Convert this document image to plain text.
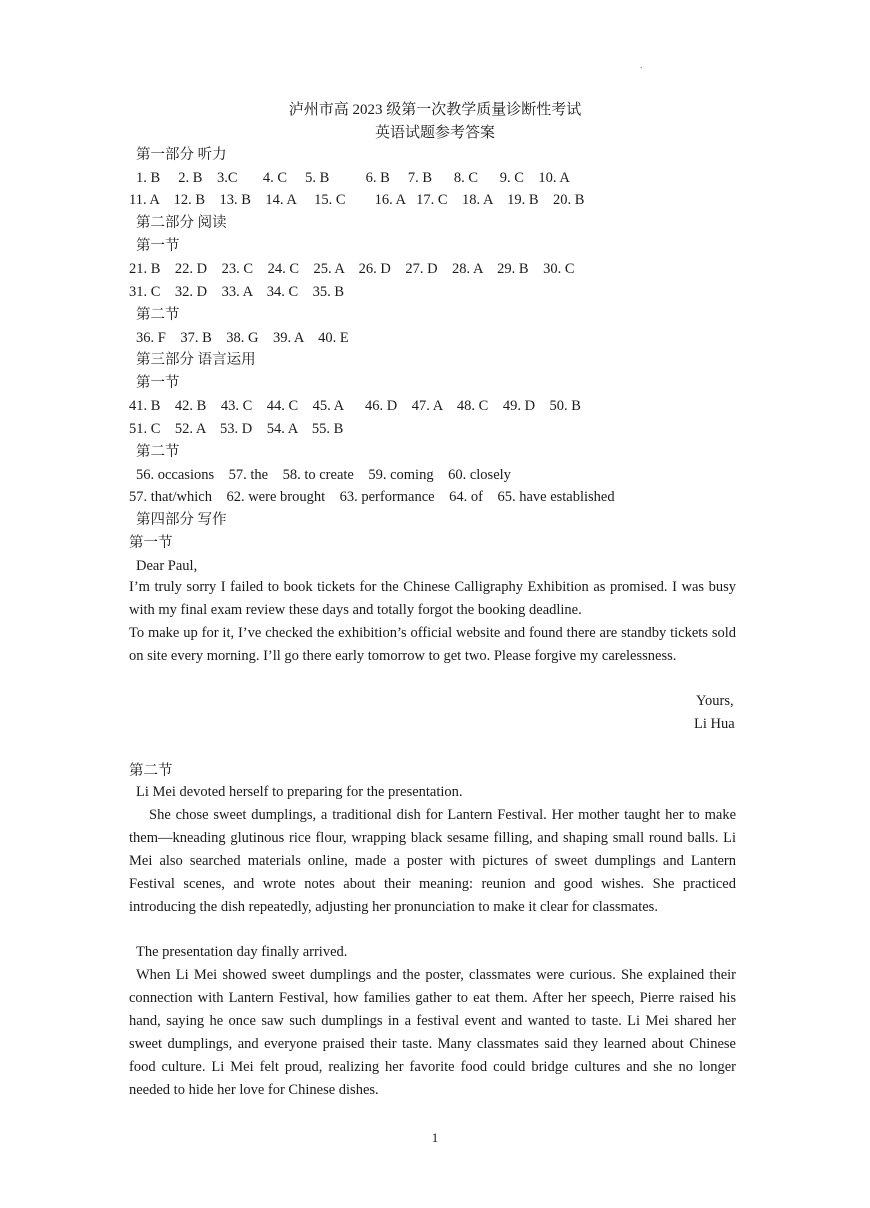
.
泸州市高 2023 级第一次教学质量诊断性考试
英语试题参考答案
第一部分 听力
1. B     2. B    3.C       4. C     5. B          6. B     7. B      8. C      9. C    10. A
11. A    12. B    13. B    14. A     15. C        16. A   17. C    18. A    19. B    20. B
第二部分 阅读
第一节
21. B    22. D    23. C    24. C    25. A    26. D    27. D    28. A    29. B    30. C
31. C    32. D    33. A    34. C    35. B
第二节
36. F    37. B    38. G    39. A    40. E
第三部分 语言运用
第一节
41. B    42. B    43. C    44. C    45. A      46. D    47. A    48. C    49. D    50. B
51. C    52. A    53. D    54. A    55. B
第二节
56. occasions    57. the    58. to create    59. coming    60. closely
57. that/which    62. were brought    63. performance    64. of    65. have established
第四部分 写作
第一节
Dear Paul,
I’m truly sorry I failed to book tickets for the Chinese Calligraphy Exhibition as promised. I was busy with my final exam review these days and totally forgot the booking deadline.
To make up for it, I’ve checked the exhibition’s official website and found there are standby tickets sold on site every morning. I’ll go there early tomorrow to get two. Please forgive my carelessness.
Yours,
Li Hua
第二节
Li Mei devoted herself to preparing for the presentation.
She chose sweet dumplings, a traditional dish for Lantern Festival. Her mother taught her to make them—kneading glutinous rice flour, wrapping black sesame filling, and shaping small round balls. Li Mei also searched materials online, made a poster with pictures of sweet dumplings and Lantern Festival scenes, and wrote notes about their meaning: reunion and good wishes. She practiced introducing the dish repeatedly, adjusting her pronunciation to make it clear for classmates.
The presentation day finally arrived.
When Li Mei showed sweet dumplings and the poster, classmates were curious. She explained their connection with Lantern Festival, how families gather to eat them. After her speech, Pierre raised his hand, saying he once saw such dumplings in a festival event and wanted to taste. Li Mei shared her sweet dumplings, and everyone praised their taste. Many classmates said they learned about Chinese food culture. Li Mei felt proud, realizing her favorite food could bridge cultures and she no longer needed to hide her love for Chinese dishes.
1
